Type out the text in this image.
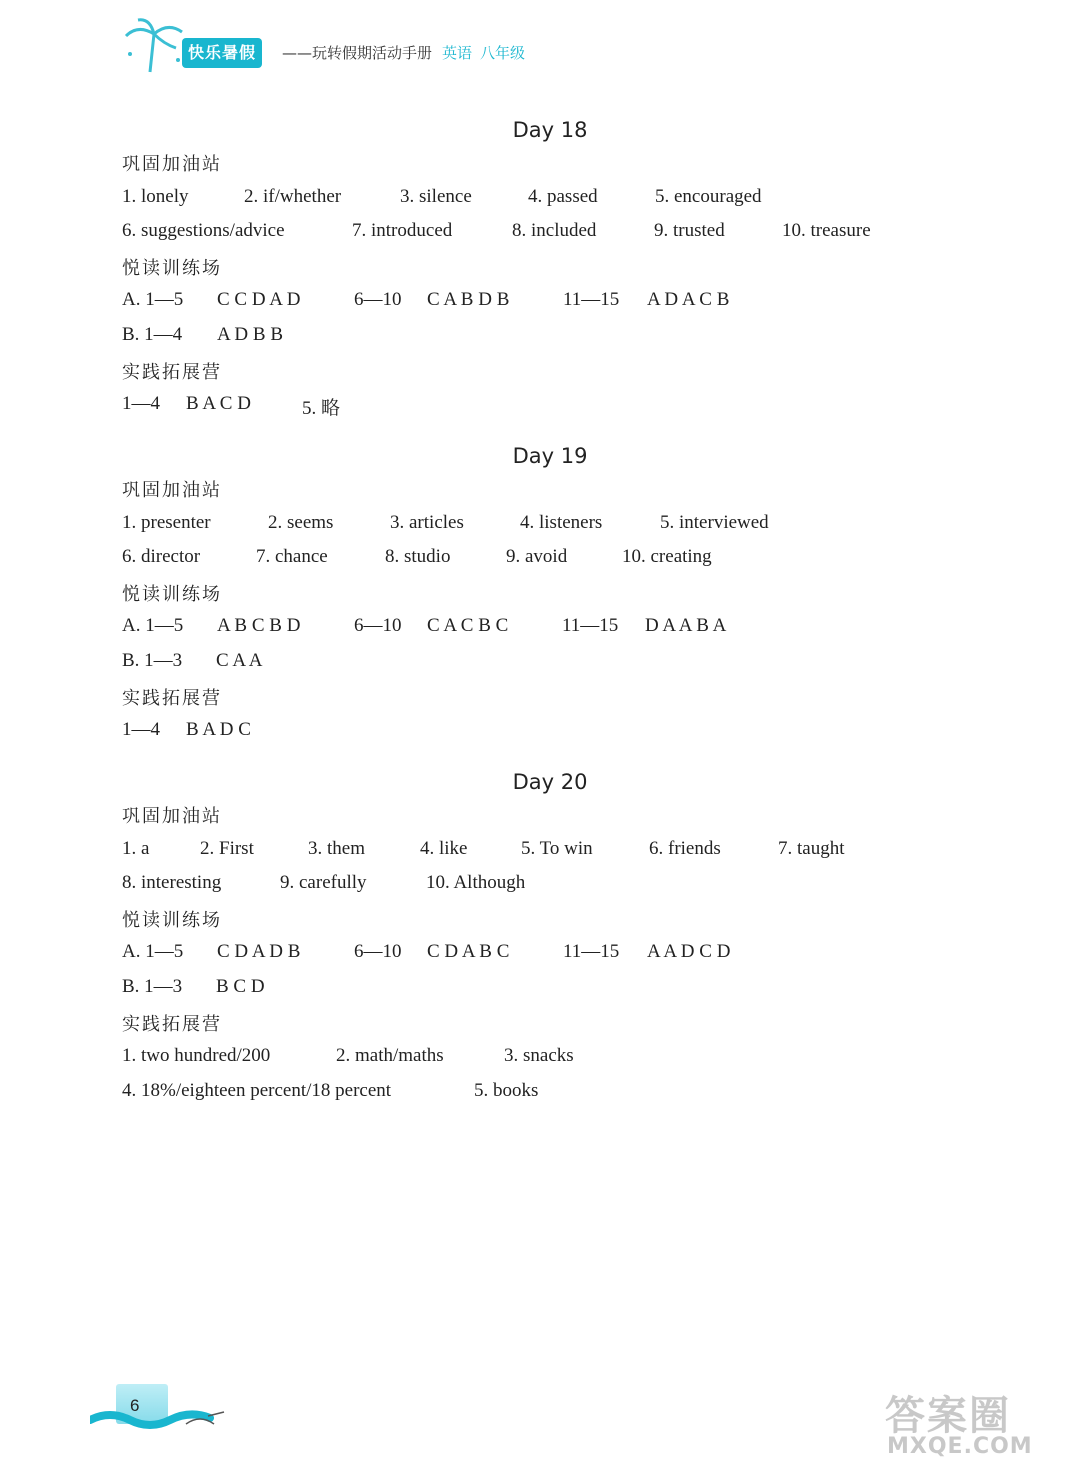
快乐暑假	——玩转假期活动手册 英语 八年级
Day 18
巩固加油站
1. lonely	2. if/whether	3. silence	4. passed	5. encouraged
6. suggestions/advice	7. introduced	8. included	9. trusted	10. treasure
悦读训练场
A. 1—5 C C D A D	6—10 C A B D B	11—15 A D A C B
B. 1—4 A D B B
实践拓展营
1—4 B A C D	5. 略
Day 19
巩固加油站
1. presenter	2. seems	3. articles	4. listeners	5. interviewed
6. director	7. chance	8. studio	9. avoid	10. creating
悦读训练场
A. 1—5 A B C B D	6—10 C A C B C	11—15 D A A B A
B. 1—3 C A A
实践拓展营
1—4 B A D C
Day 20
巩固加油站
1. a	2. First	3. them	4. like	5. To win	6. friends	7. taught
8. interesting	9. carefully	10. Although
悦读训练场
A. 1—5 C D A D B	6—10 C D A B C	11—15 A A D C D
B. 1—3 B C D
实践拓展营
1. two hundred/200	2. math/maths	3. snacks
4. 18%/eighteen percent/18 percent	5. books
6	答案圈
MXQE.COM
